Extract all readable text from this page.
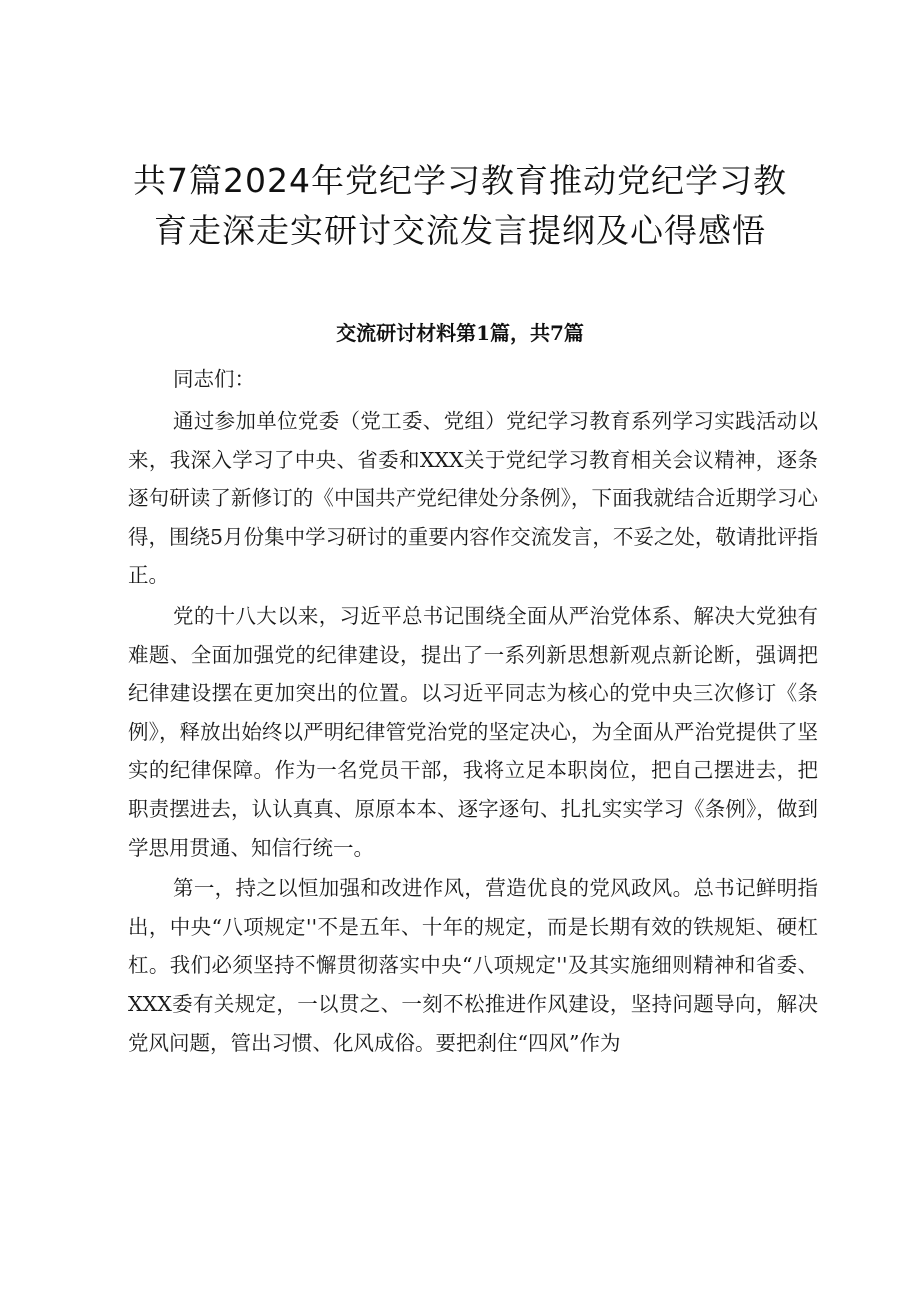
共7篇2024年党纪学习教育推动党纪学习教
育走深走实研讨交流发言提纲及心得感悟
交流研讨材料第1篇，共7篇

同志们：

通过参加单位党委（党工委、党组）党纪学习教育系列学习实践活动以来，我深入学习了中央、省委和XXX关于党纪学习教育相关会议精神，逐条逐句研读了新修订的《中国共产党纪律处分条例》，下面我就结合近期学习心得，围绕5月份集中学习研讨的重要内容作交流发言，不妥之处，敬请批评指正。

党的十八大以来，习近平总书记围绕全面从严治党体系、解决大党独有难题、全面加强党的纪律建设，提出了一系列新思想新观点新论断，强调把纪律建设摆在更加突出的位置。以习近平同志为核心的党中央三次修订《条例》，释放出始终以严明纪律管党治党的坚定决心，为全面从严治党提供了坚实的纪律保障。作为一名党员干部，我将立足本职岗位，把自己摆进去，把职责摆进去，认认真真、原原本本、逐字逐句、扎扎实实学习《条例》，做到学思用贯通、知信行统一。

第一，持之以恒加强和改进作风，营造优良的党风政风。总书记鲜明指出，中央“八项规定''不是五年、十年的规定，而是长期有效的铁规矩、硬杠杠。我们必须坚持不懈贯彻落实中央“八项规定''及其实施细则精神和省委、XXX委有关规定，一以贯之、一刻不松推进作风建设，坚持问题导向，解决党风问题，管出习惯、化风成俗。要把刹住“四风”作为
